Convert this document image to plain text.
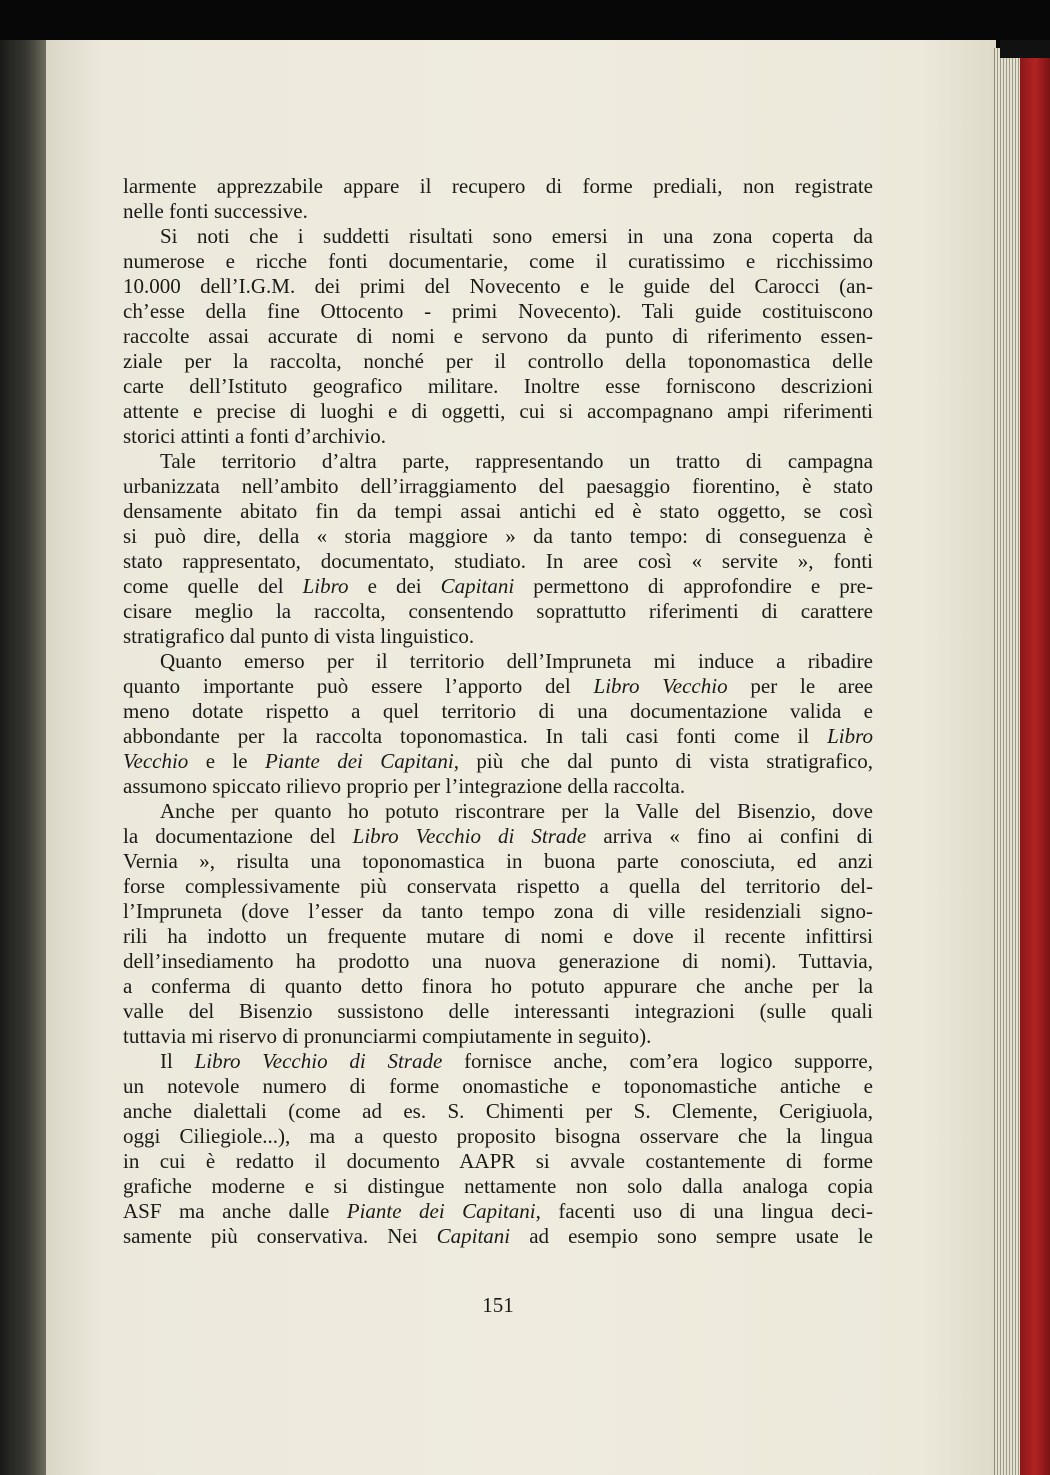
larmente apprezzabile appare il recupero di forme prediali, non registrate
nelle fonti successive.
Si noti che i suddetti risultati sono emersi in una zona coperta da
numerose e ricche fonti documentarie, come il curatissimo e ricchissimo
10.000 dell’I.G.M. dei primi del Novecento e le guide del Carocci (an-
ch’esse della fine Ottocento - primi Novecento). Tali guide costituiscono
raccolte assai accurate di nomi e servono da punto di riferimento essen-
ziale per la raccolta, nonché per il controllo della toponomastica delle
carte dell’Istituto geografico militare. Inoltre esse forniscono descrizioni
attente e precise di luoghi e di oggetti, cui si accompagnano ampi riferimenti
storici attinti a fonti d’archivio.
Tale territorio d’altra parte, rappresentando un tratto di campagna
urbanizzata nell’ambito dell’irraggiamento del paesaggio fiorentino, è stato
densamente abitato fin da tempi assai antichi ed è stato oggetto, se così
si può dire, della « storia maggiore » da tanto tempo: di conseguenza è
stato rappresentato, documentato, studiato. In aree così « servite », fonti
come quelle del Libro e dei Capitani permettono di approfondire e pre-
cisare meglio la raccolta, consentendo soprattutto riferimenti di carattere
stratigrafico dal punto di vista linguistico.
Quanto emerso per il territorio dell’Impruneta mi induce a ribadire
quanto importante può essere l’apporto del Libro Vecchio per le aree
meno dotate rispetto a quel territorio di una documentazione valida e
abbondante per la raccolta toponomastica. In tali casi fonti come il Libro
Vecchio e le Piante dei Capitani, più che dal punto di vista stratigrafico,
assumono spiccato rilievo proprio per l’integrazione della raccolta.
Anche per quanto ho potuto riscontrare per la Valle del Bisenzio, dove
la documentazione del Libro Vecchio di Strade arriva « fino ai confini di
Vernia », risulta una toponomastica in buona parte conosciuta, ed anzi
forse complessivamente più conservata rispetto a quella del territorio del-
l’Impruneta (dove l’esser da tanto tempo zona di ville residenziali signo-
rili ha indotto un frequente mutare di nomi e dove il recente infittirsi
dell’insediamento ha prodotto una nuova generazione di nomi). Tuttavia,
a conferma di quanto detto finora ho potuto appurare che anche per la
valle del Bisenzio sussistono delle interessanti integrazioni (sulle quali
tuttavia mi riservo di pronunciarmi compiutamente in seguito).
Il Libro Vecchio di Strade fornisce anche, com’era logico supporre,
un notevole numero di forme onomastiche e toponomastiche antiche e
anche dialettali (come ad es. S. Chimenti per S. Clemente, Cerigiuola,
oggi Ciliegiole...), ma a questo proposito bisogna osservare che la lingua
in cui è redatto il documento AAPR si avvale costantemente di forme
grafiche moderne e si distingue nettamente non solo dalla analoga copia
ASF ma anche dalle Piante dei Capitani, facenti uso di una lingua deci-
samente più conservativa. Nei Capitani ad esempio sono sempre usate le
151
